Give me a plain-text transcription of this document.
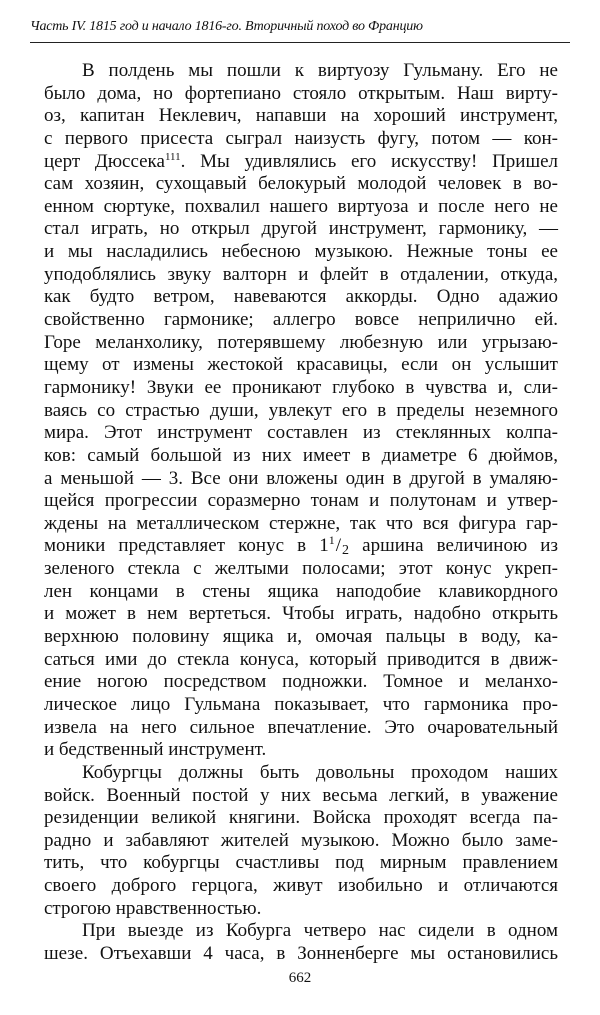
Часть IV. 1815 год и начало 1816-го. Вторичный поход во Францию
В полдень мы пошли к виртуозу Гульману. Его не
было дома, но фортепиано стояло открытым. Наш вирту-
оз, капитан Неклевич, напавши на хороший инструмент,
с первого присеста сыграл наизусть фугу, потом — кон-
церт Дюссека$^{111}$. Мы удивлялись его искусству! Пришел
сам хозяин, сухощавый белокурый молодой человек в во-
енном сюртуке, похвалил нашего виртуоза и после него не
стал играть, но открыл другой инструмент, гармонику, —
и мы насладились небесною музыкою. Нежные тоны ее
уподоблялись звуку валторн и флейт в отдалении, откуда,
как будто ветром, навеваются аккорды. Одно адажио
свойственно гармонике; аллегро вовсе неприлично ей.
Горе меланхолику, потерявшему любезную или угрызаю-
щему от измены жестокой красавицы, если он услышит
гармонику! Звуки ее проникают глубоко в чувства и, сли-
ваясь со страстью души, увлекут его в пределы неземного
мира. Этот инструмент составлен из стеклянных колпа-
ков: самый большой из них имеет в диаметре 6 дюймов,
а меньшой — 3. Все они вложены один в другой в умаляю-
щейся прогрессии соразмерно тонам и полутонам и утвер-
ждены на металлическом стержне, так что вся фигура гар-
моники представляет конус в $1^1/2$ аршина величиною из
зеленого стекла с желтыми полосами; этот конус укреп-
лен концами в стены ящика наподобие клавикордного
и может в нем вертеться. Чтобы играть, надобно открыть
верхнюю половину ящика и, омочая пальцы в воду, ка-
саться ими до стекла конуса, который приводится в движ-
ение ногою посредством подножки. Томное и меланхо-
лическое лицо Гульмана показывает, что гармоника про-
извела на него сильное впечатление. Это очаровательный
и бедственный инструмент.
Кобургцы должны быть довольны проходом наших
войск. Военный постой у них весьма легкий, в уважение
резиденции великой княгини. Войска проходят всегда па-
радно и забавляют жителей музыкою. Можно было заме-
тить, что кобургцы счастливы под мирным правлением
своего доброго герцога, живут изобильно и отличаются
строгою нравственностью.
При выезде из Кобурга четверо нас сидели в одном
шезе. Отъехавши 4 часа, в Зонненберге мы остановились
662
